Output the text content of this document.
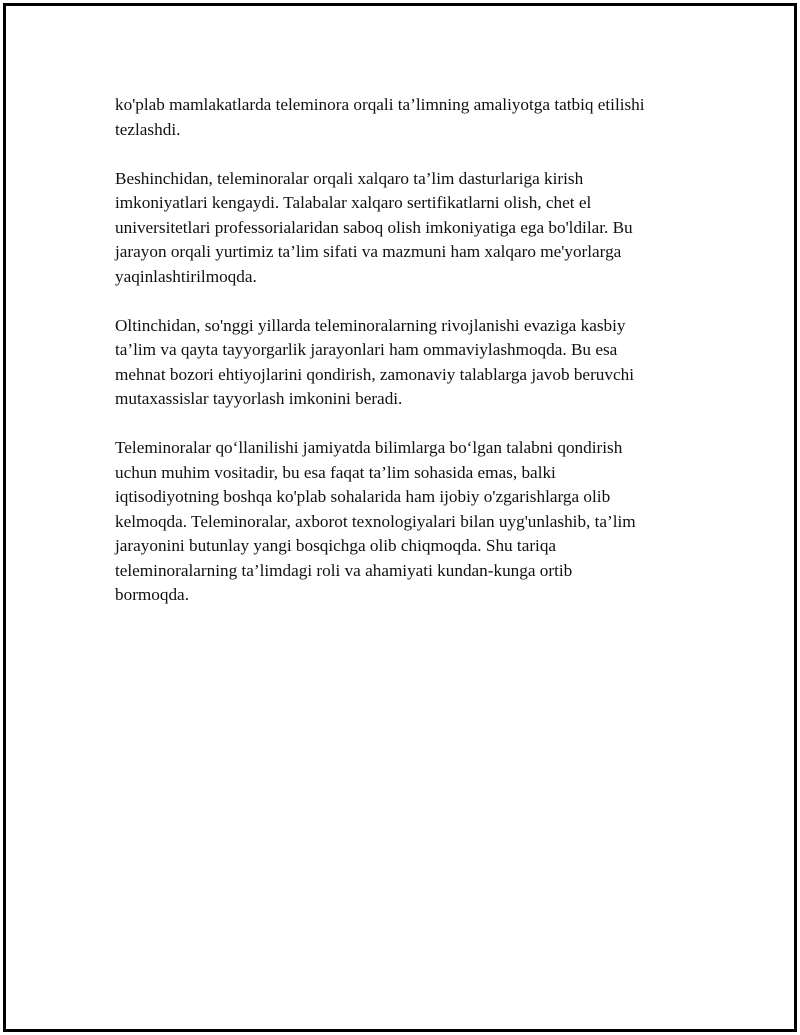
ko'plab mamlakatlarda teleminora orqali ta’limning amaliyotga tatbiq etilishi
tezlashdi.

Beshinchidan, teleminoralar orqali xalqaro ta’lim dasturlariga kirish
imkoniyatlari kengaydi. Talabalar xalqaro sertifikatlarni olish, chet el
universitetlari professorialaridan saboq olish imkoniyatiga ega bo'ldilar. Bu
jarayon orqali yurtimiz ta’lim sifati va mazmuni ham xalqaro me'yorlarga
yaqinlashtirilmoqda.

Oltinchidan, so'nggi yillarda teleminoralarning rivojlanishi evaziga kasbiy
ta’lim va qayta tayyorgarlik jarayonlari ham ommaviylashmoqda. Bu esa
mehnat bozori ehtiyojlarini qondirish, zamonaviy talablarga javob beruvchi
mutaxassislar tayyorlash imkonini beradi.

Teleminoralar qo‘llanilishi jamiyatda bilimlarga bo‘lgan talabni qondirish
uchun muhim vositadir, bu esa faqat ta’lim sohasida emas, balki
iqtisodiyotning boshqa ko'plab sohalarida ham ijobiy o'zgarishlarga olib
kelmoqda. Teleminoralar, axborot texnologiyalari bilan uyg'unlashib, ta’lim
jarayonini butunlay yangi bosqichga olib chiqmoqda. Shu tariqa
teleminoralarning ta’limdagi roli va ahamiyati kundan-kunga ortib
bormoqda.
